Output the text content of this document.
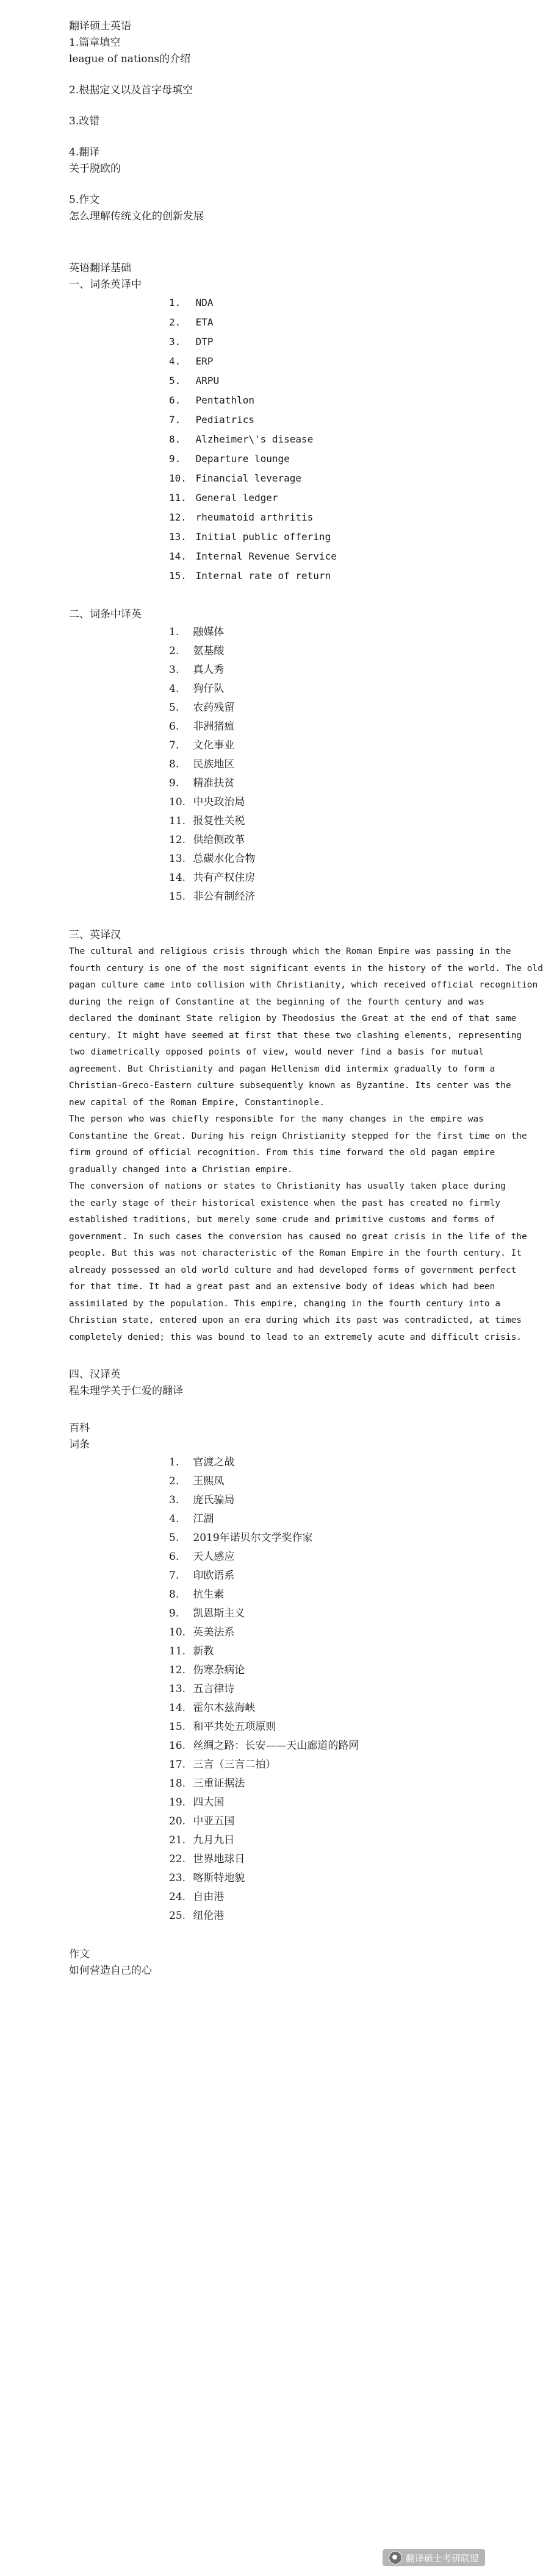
翻译硕士英语
1.篇章填空
league of nations的介绍
2.根据定义以及首字母填空
3.改错
4.翻译
关于脱欧的
5.作文
怎么理解传统文化的创新发展
英语翻译基础
一、词条英译中
1. NDA
2. ETA
3. DTP
4. ERP
5. ARPU
6. Pentathlon
7. Pediatrics
8. Alzheimer\'s disease
9. Departure lounge
10. Financial leverage
11. General ledger
12. rheumatoid arthritis
13. Initial public offering
14. Internal Revenue Service
15. Internal rate of return
二、词条中译英
1. 融媒体
2. 氨基酸
3. 真人秀
4. 狗仔队
5. 农药残留
6. 非洲猪瘟
7. 文化事业
8. 民族地区
9. 精准扶贫
10. 中央政治局
11. 报复性关税
12. 供给侧改革
13. 总碳水化合物
14. 共有产权住房
15. 非公有制经济
三、英译汉
The cultural and religious crisis through which the Roman Empire was passing in the
fourth century is one of the most significant events in the history of the world. The old
pagan culture came into collision with Christianity, which received official recognition
during the reign of Constantine at the beginning of the fourth century and was
declared the dominant State religion by Theodosius the Great at the end of that same
century. It might have seemed at first that these two clashing elements, representing
two diametrically opposed points of view, would never find a basis for mutual
agreement. But Christianity and pagan Hellenism did intermix gradually to form a
Christian-Greco-Eastern culture subsequently known as Byzantine. Its center was the
new capital of the Roman Empire, Constantinople.
The person who was chiefly responsible for the many changes in the empire was
Constantine the Great. During his reign Christianity stepped for the first time on the
firm ground of official recognition. From this time forward the old pagan empire
gradually changed into a Christian empire.
The conversion of nations or states to Christianity has usually taken place during
the early stage of their historical existence when the past has created no firmly
established traditions, but merely some crude and primitive customs and forms of
government. In such cases the conversion has caused no great crisis in the life of the
people. But this was not characteristic of the Roman Empire in the fourth century. It
already possessed an old world culture and had developed forms of government perfect
for that time. It had a great past and an extensive body of ideas which had been
assimilated by the population. This empire, changing in the fourth century into a
Christian state, entered upon an era during which its past was contradicted, at times
completely denied; this was bound to lead to an extremely acute and difficult crisis.
四、汉译英
程朱理学关于仁爱的翻译
百科
词条
1. 官渡之战
2. 王熙凤
3. 庞氏骗局
4. 江湖
5. 2019年诺贝尔文学奖作家
6. 天人感应
7. 印欧语系
8. 抗生素
9. 凯恩斯主义
10. 英美法系
11. 新教
12. 伤寒杂病论
13. 五言律诗
14. 霍尔木兹海峡
15. 和平共处五项原则
16. 丝绸之路：长安——天山廊道的路网
17. 三言（三言二拍）
18. 三重证据法
19. 四大国
20. 中亚五国
21. 九月九日
22. 世界地球日
23. 喀斯特地貌
24. 自由港
25. 纽伦港
作文
如何营造自己的心
翻译硕士考研联盟
